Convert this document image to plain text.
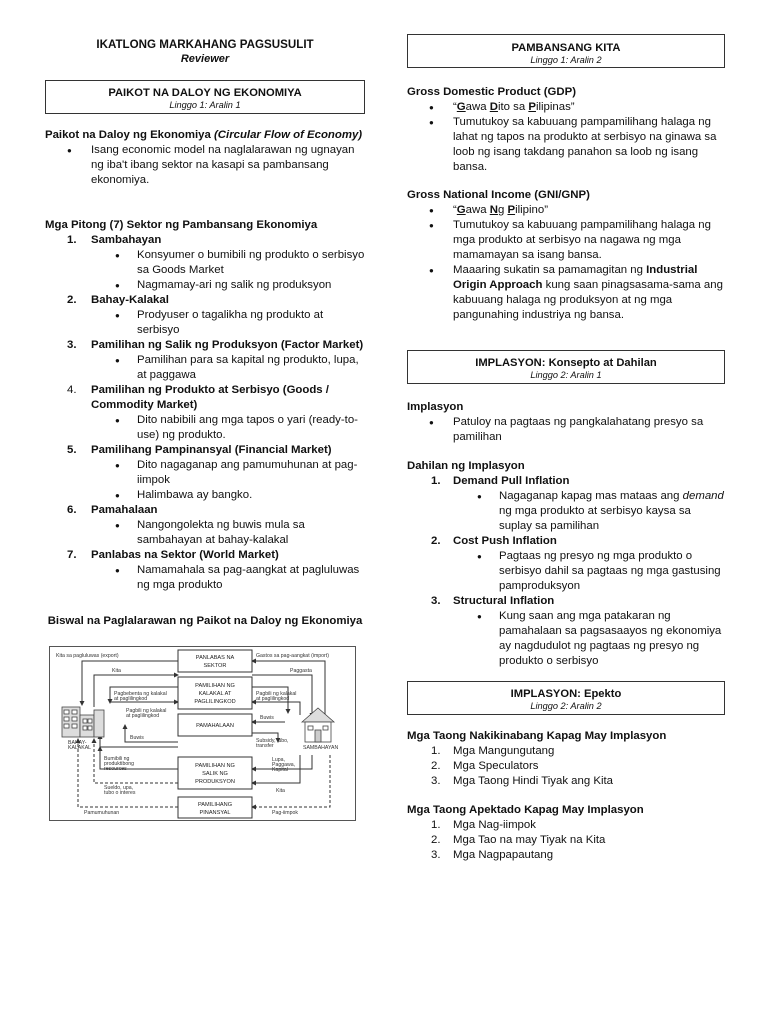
IKATLONG MARKAHANG PAGSUSULIT
Reviewer
PAIKOT NA DALOY NG EKONOMIYA
Linggo 1: Aralin 1

Paikot na Daloy ng Ekonomiya (Circular Flow of Economy)

● Isang economic model na naglalarawan ng ugnayan ng iba't ibang sektor na kasapi sa pambansang ekonomiya.

Mga Pitong (7) Sektor ng Pambansang Ekonomiya

1. Sambahayan

● Konsyumer o bumibili ng produkto o serbisyo sa Goods Market

● Nagmamay-ari ng salik ng produksyon

2. Bahay-Kalakal

● Prodyuser o tagalikha ng produkto at serbisyo

3. Pamilihan ng Salik ng Produksyon (Factor Market)

● Pamilihan para sa kapital ng produkto, lupa, at paggawa

4. Pamilihan ng Produkto at Serbisyo (Goods / Commodity Market)

● Dito nabibili ang mga tapos o yari (ready-to-use) ng produkto.

5. Pamilihang Pampinansyal (Financial Market)

● Dito nagaganap ang pamumuhunan at pag-iimpok

● Halimbawa ay bangko.

6. Pamahalaan

● Nangongolekta ng buwis mula sa sambahayan at bahay-kalakal

7. Panlabas na Sektor (World Market)

● Namamahala sa pag-aangkat at pagluluwas ng mga produkto

Biswal na Paglalarawan ng Paikot na Daloy ng Ekonomiya
PANLABAS NA
SEKTOR
PAMILIHAN NG
KALAKAL AT
PAGLILINGKOD
PAMAHALAAN
PAMILIHAN NG
SALIK NG
PRODUKSYON
PAMILIHANG
PINANSYAL
Kita sa pagluluwas (export)	Gastos sa pag-aangkat (import)
Kita	Paggasta
Pagbebenta ng kalakal
at paglilingkod
Pagbili ng kalakal
at paglilingkod
Pagbili ng kalakal
at paglilingkod	Buwis
Buwis	Subsidy, tubo,
transfer
BAHAY-
KALAKAL	SAMBAHAYAN
Bumibili ng
produktibong
resources
Lupa,
Paggawa,
Kapital
Sueldo, upa,
tubo o interes	Kita
Pamumuhunan	Pag-iimpok
PAMBANSANG KITA
Linggo 1: Aralin 2

Gross Domestic Product (GDP)

● “Gawa Dito sa Pilipinas”

● Tumutukoy sa kabuuang pampamilihang halaga ng lahat ng tapos na produkto at serbisyo na ginawa sa loob ng isang takdang panahon sa loob ng isang bansa.

Gross National Income (GNI/GNP)

● “Gawa Ng Pilipino”

● Tumutukoy sa kabuuang pampamilihang halaga ng mga produkto at serbisyo na nagawa ng mga mamamayan sa isang bansa.

● Maaaring sukatin sa pamamagitan ng Industrial Origin Approach kung saan pinagsasama-sama ang kabuuang halaga ng produksyon at ng mga pangunahing industriya ng bansa.

IMPLASYON: Konsepto at Dahilan
Linggo 2: Aralin 1

Implasyon

● Patuloy na pagtaas ng pangkalahatang presyo sa pamilihan

Dahilan ng Implasyon

1. Demand Pull Inflation

● Nagaganap kapag mas mataas ang demand ng mga produkto at serbisyo kaysa sa suplay sa pamilihan

2. Cost Push Inflation

● Pagtaas ng presyo ng mga produkto o serbisyo dahil sa pagtaas ng mga gastusing pamproduksyon

3. Structural Inflation

● Kung saan ang mga patakaran ng pamahalaan sa pagsasaayos ng ekonomiya ay nagdudulot ng pagtaas ng presyo ng produkto o serbisyo

IMPLASYON: Epekto
Linggo 2: Aralin 2

Mga Taong Nakikinabang Kapag May Implasyon

1. Mga Mangungutang

2. Mga Speculators

3. Mga Taong Hindi Tiyak ang Kita

Mga Taong Apektado Kapag May Implasyon

1. Mga Nag-iimpok

2. Mga Tao na may Tiyak na Kita

3. Mga Nagpapautang
